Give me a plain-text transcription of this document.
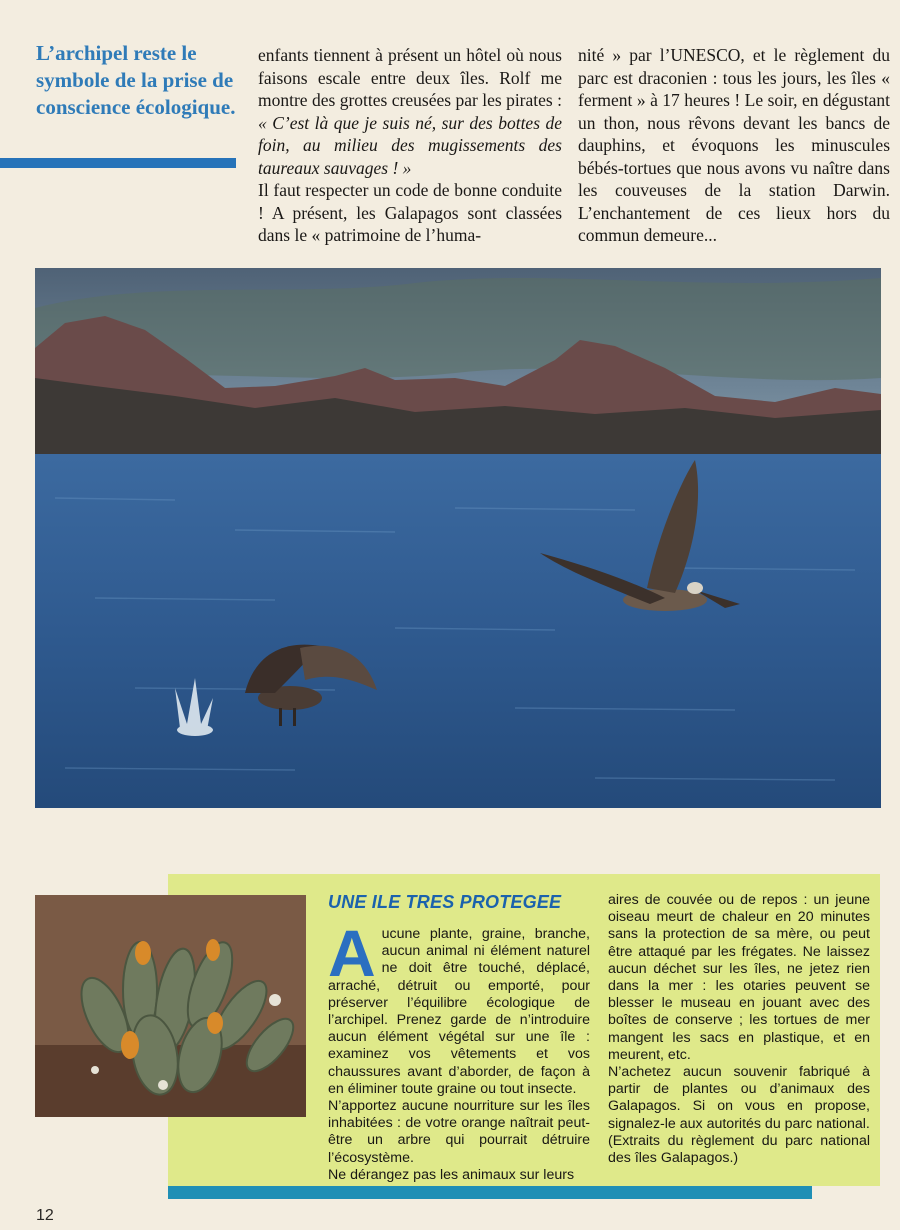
L’archipel reste le symbole de la prise de conscience écologique.

enfants tiennent à présent un hôtel où nous faisons escale entre deux îles. Rolf me montre des grottes creusées par les pirates : « C’est là que je suis né, sur des bottes de foin, au milieu des mugissements des taureaux sauvages ! »

Il faut respecter un code de bonne conduite ! A présent, les Galapagos sont classées dans le « patrimoine de l’huma-

nité » par l’UNESCO, et le règlement du parc est draconien : tous les jours, les îles « ferment » à 17 heures ! Le soir, en dégustant un thon, nous rêvons devant les bancs de dauphins, et évoquons les minuscules bébés-tortues que nous avons vu naître dans les couveuses de la station Darwin. L’enchantement de ces lieux hors du commun demeure...

UNE ILE TRES PROTEGEE

Aucune plante, graine, branche, aucun animal ni élément naturel ne doit être touché, déplacé, arraché, détruit ou emporté, pour préserver l’équilibre écologique de l’archipel. Prenez garde de n’introduire aucun élément végétal sur une île : examinez vos vêtements et vos chaussures avant d’aborder, de façon à en éliminer toute graine ou tout insecte.

N’apportez aucune nourriture sur les îles inhabitées : de votre orange naîtrait peut-être un arbre qui pourrait détruire l’écosystème.

Ne dérangez pas les animaux sur leurs

aires de couvée ou de repos : un jeune oiseau meurt de chaleur en 20 minutes sans la protection de sa mère, ou peut être attaqué par les frégates. Ne laissez aucun déchet sur les îles, ne jetez rien dans la mer : les otaries peuvent se blesser le museau en jouant avec des boîtes de conserve ; les tortues de mer mangent les sacs en plastique, et en meurent, etc.

N’achetez aucun souvenir fabriqué à partir de plantes ou d’animaux des Galapagos. Si on vous en propose, signalez-le aux autorités du parc national.

(Extraits du règlement du parc national des îles Galapagos.)

12
